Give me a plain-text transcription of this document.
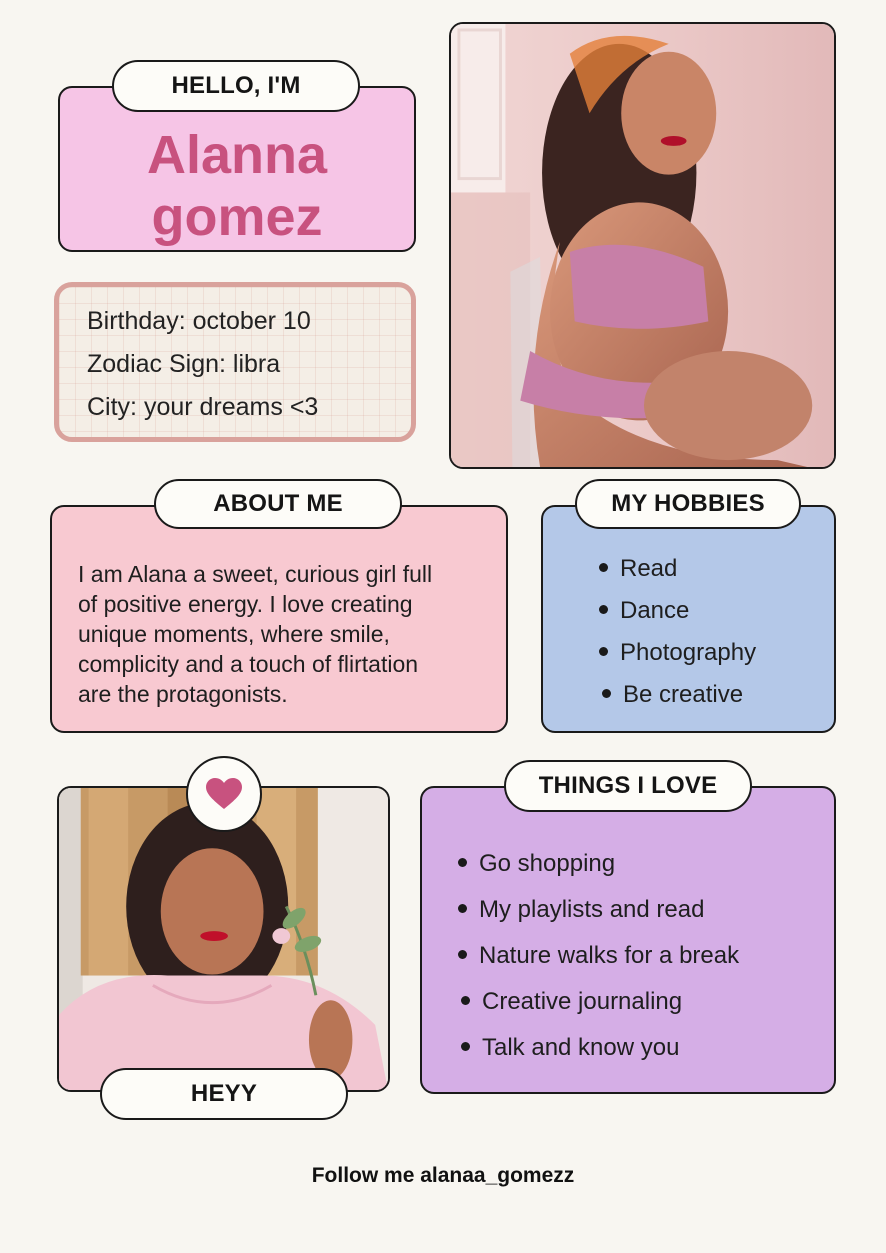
Alanna
gomez
HELLO, I'M
Birthday: october 10
Zodiac Sign: libra
City: your dreams <3
I am Alana a sweet, curious girl full
of positive energy. I love creating
unique moments, where smile,
complicity and a touch of flirtation
are the protagonists.
ABOUT ME
Read
Dance
Photography
Be creative
MY HOBBIES
HEYY
Go shopping
My playlists and read
Nature walks for a break
Creative journaling
Talk and know you
THINGS I LOVE
Follow me alanaa_gomezz
